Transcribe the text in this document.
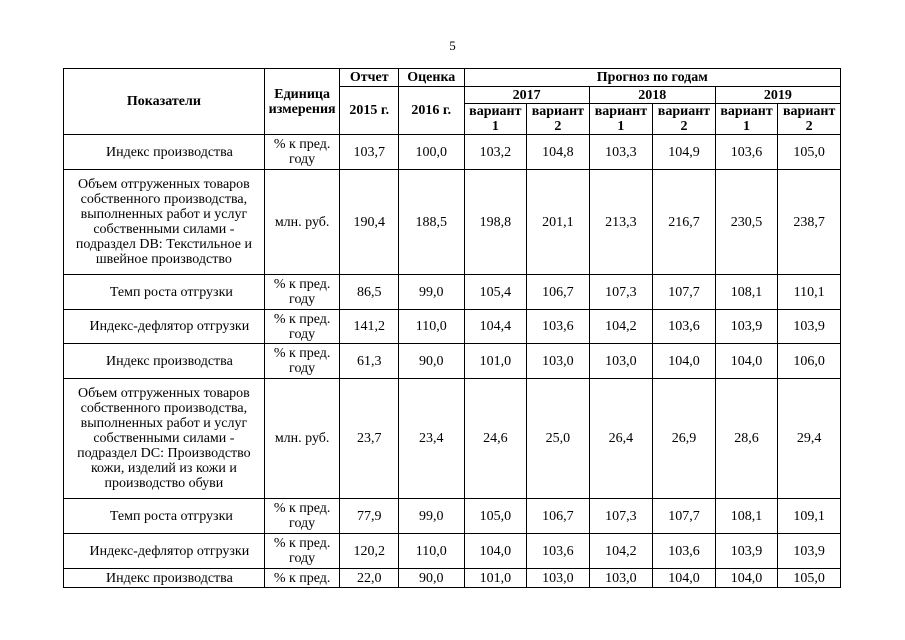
5
Показатели	Единица измерения	Отчет	Оценка	Прогноз по годам					
		2015 г.	2016 г.	2017		2018		2019	
				вариант 1	вариант 2	вариант 1	вариант 2	вариант 1	вариант 2
Индекс производства	% к пред. году	103,7	100,0	103,2	104,8	103,3	104,9	103,6	105,0
Объем отгруженных товаров собственного производства, выполненных работ и услуг собственными силами - подраздел DB: Текстильное и швейное производство	млн. руб.	190,4	188,5	198,8	201,1	213,3	216,7	230,5	238,7
Темп роста отгрузки	% к пред. году	86,5	99,0	105,4	106,7	107,3	107,7	108,1	110,1
Индекс-дефлятор отгрузки	% к пред. году	141,2	110,0	104,4	103,6	104,2	103,6	103,9	103,9
Индекс производства	% к пред. году	61,3	90,0	101,0	103,0	103,0	104,0	104,0	106,0
Объем отгруженных товаров собственного производства, выполненных работ и услуг собственными силами - подраздел DC: Производство кожи, изделий из кожи и производство обуви	млн. руб.	23,7	23,4	24,6	25,0	26,4	26,9	28,6	29,4
Темп роста отгрузки	% к пред. году	77,9	99,0	105,0	106,7	107,3	107,7	108,1	109,1
Индекс-дефлятор отгрузки	% к пред. году	120,2	110,0	104,0	103,6	104,2	103,6	103,9	103,9
Индекс производства	% к пред.	22,0	90,0	101,0	103,0	103,0	104,0	104,0	105,0
